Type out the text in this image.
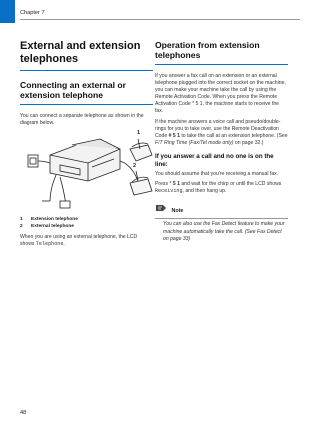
Chapter 7
External and extension telephones
Connecting an external or extension telephone

You can connect a separate telephone as shown in the diagram below.

1
2
1 Extension telephone
2 External telephone

When you are using an external telephone, the LCD shows Telephone.

Operation from extension telephones

If you answer a fax call on an extension or an external telephone plugged into the correct socket on the machine, you can make your machine take the call by using the Remote Activation Code. When you press the Remote Activation Code * 5 1, the machine starts to receive the fax.

If the machine answers a voice call and pseudo/double-rings for you to take over, use the Remote Deactivation Code # 5 1 to take the call at an extension telephone. (See F/T Ring Time (Fax/Tel mode only) on page 32.)

If you answer a call and no one is on the line:

You should assume that you're receiving a manual fax.

Press * 5 1 and wait for the chirp or until the LCD shows Receiving, and then hang up.

Note

You can also use the Fax Detect feature to make your machine automatically take the call. (See Fax Detect on page 33)

48
